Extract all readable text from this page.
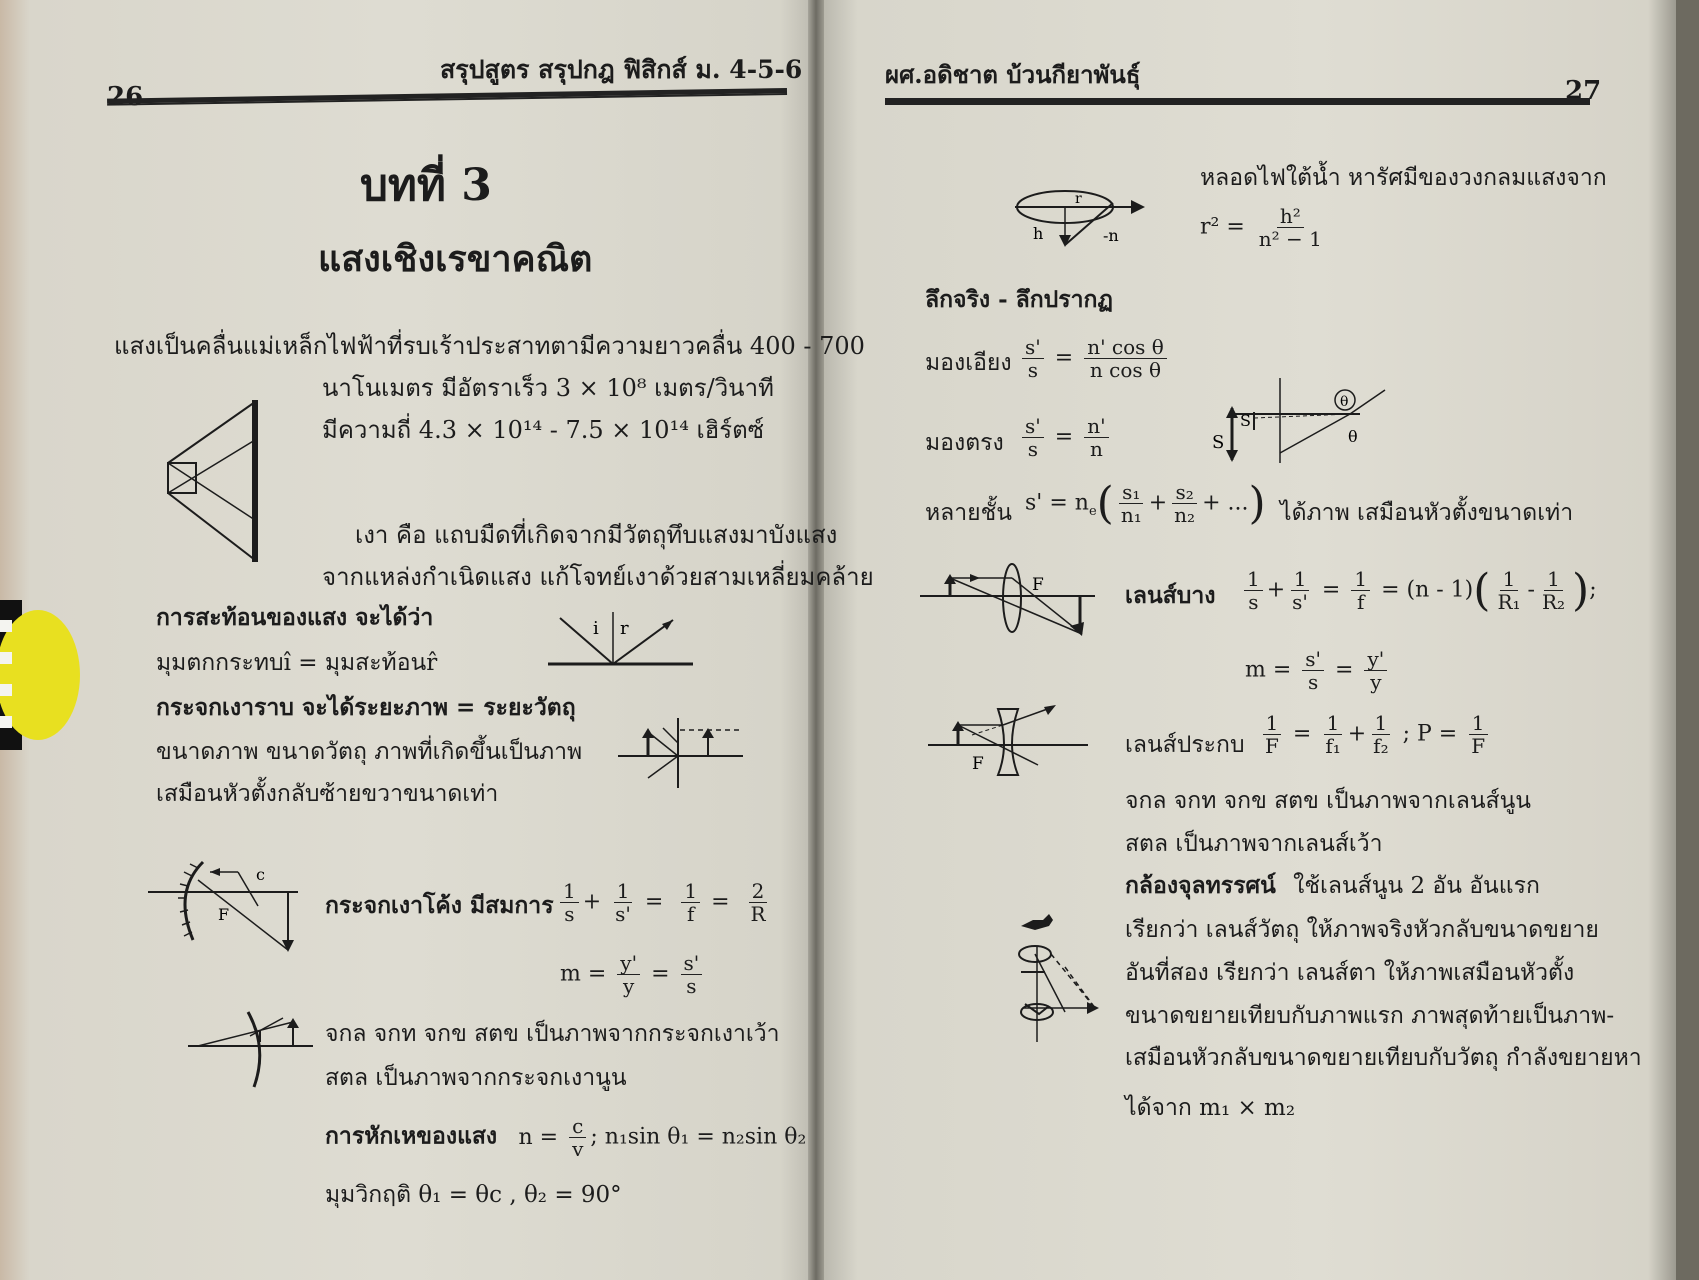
26
สรุปสูตร สรุปกฎ ฟิสิกส์ ม. 4-5-6
บทที่ 3
แสงเชิงเรขาคณิต
แสงเป็นคลื่นแม่เหล็กไฟฟ้าที่รบเร้าประสาทตามีความยาวคลื่น 400 - 700
นาโนเมตร มีอัตราเร็ว 3 × 10⁸ เมตร/วินาที
มีความถี่ 4.3 × 10¹⁴ - 7.5 × 10¹⁴ เฮิร์ตซ์
เงา คือ แถบมืดที่เกิดจากมีวัตถุทึบแสงมาบังแสง
จากแหล่งกำเนิดแสง แก้โจทย์เงาด้วยสามเหลี่ยมคล้าย
การสะท้อนของแสง จะได้ว่า
มุมตกกระทบî = มุมสะท้อนr̂
i r
กระจกเงาราบ จะได้ระยะภาพ = ระยะวัตถุ
ขนาดภาพ ขนาดวัตถุ ภาพที่เกิดขึ้นเป็นภาพ
เสมือนหัวตั้งกลับซ้ายขวาขนาดเท่า
F
c
กระจกเงาโค้ง มีสมการ $\frac{1}{s} + \frac{1}{s'} = \frac{1}{f} = \frac{2}{R}$
$m = \frac{y'}{y} = \frac{s'}{s}$
จกล จกท จกข สตข เป็นภาพจากกระจกเงาเว้า
สตล เป็นภาพจากกระจกเงานูน
การหักเหของแสง $n = \frac{c}{v}$ ; n₁sin θ₁ = n₂sin θ₂
มุมวิกฤติ θ₁ = θc , θ₂ = 90°
ผศ.อดิชาต บ้วนกียาพันธุ์
27
หลอดไฟใต้น้ำ หารัศมีของวงกลมแสงจาก
h	-n
r
$r^2 = \frac{\text{h²}}{\text{n² − 1}}$
ลึกจริง - ลึกปรากฏ
มองเอียง $\frac{s'}{s} = \frac{\text{n' cos θ}}{\text{n cos θ}}$
มองตรง $\frac{s'}{s} = \frac{n'}{n}$	S
S
θ
θ
หลายชั้น $s' = n_e( \frac{\text{s₁}}{\text{n₁}} + \frac{\text{s₂}}{\text{n₂}}$ + ...) ได้ภาพ เสมือนหัวตั้งขนาดเท่า
F	เลนส์บาง $\frac{1}{s} + \frac{1}{s'} = \frac{1}{f} = (n - 1)( \frac{1}{\text{R₁}} - \frac{1}{\text{R₂}}$ );
$m = \frac{s'}{s} = \frac{y'}{y}$
F
เลนส์ประกบ $\frac{1}{F} = \frac{1}{\text{f₁}} + \frac{1}{\text{f₂}}$ ; $P = \frac{1}{F}$
จกล จกท จกข สตข เป็นภาพจากเลนส์นูน
สตล เป็นภาพจากเลนส์เว้า
กล้องจุลทรรศน์ ใช้เลนส์นูน 2 อัน อันแรก
เรียกว่า เลนส์วัตถุ ให้ภาพจริงหัวกลับขนาดขยาย
อันที่สอง เรียกว่า เลนส์ตา ให้ภาพเสมือนหัวตั้ง
ขนาดขยายเทียบกับภาพแรก ภาพสุดท้ายเป็นภาพ-
เสมือนหัวกลับขนาดขยายเทียบกับวัตถุ กำลังขยายหา
ได้จาก m₁ × m₂
